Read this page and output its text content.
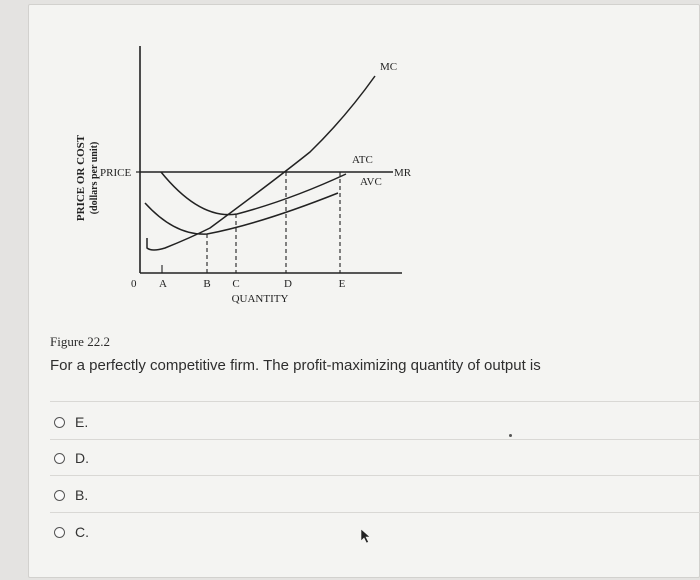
PRICE OR COST (dollars per unit) PRICE
0 A	B C	D	E
QUANTITY
MC
ATC
AVC
MR
Figure 22.2
For a perfectly competitive firm. The profit-maximizing quantity of output is
E.
D.
B.
C.
